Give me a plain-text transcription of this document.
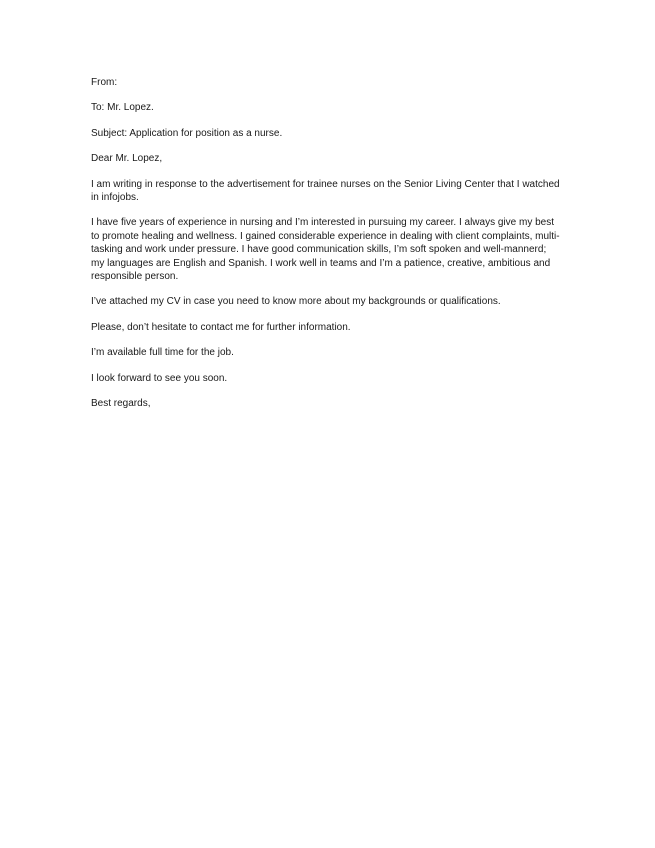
From:

To: Mr. Lopez.

Subject: Application for position as a nurse.

Dear Mr. Lopez,

I am writing in response to the advertisement for trainee nurses on the Senior Living Center that I watched in infojobs.

I have five years of experience in nursing and I’m interested in pursuing my career. I always give my best to promote healing and wellness. I gained considerable experience in dealing with client complaints, multi-tasking and work under pressure. I have good communication skills, I’m soft spoken and well-mannerd; my languages are English and Spanish. I work well in teams and I’m a patience, creative, ambitious and responsible person.

I’ve attached my CV in case you need to know more about my backgrounds or qualifications.

Please, don’t hesitate to contact me for further information.

I’m available full time for the job.

I look forward to see you soon.

Best regards,
